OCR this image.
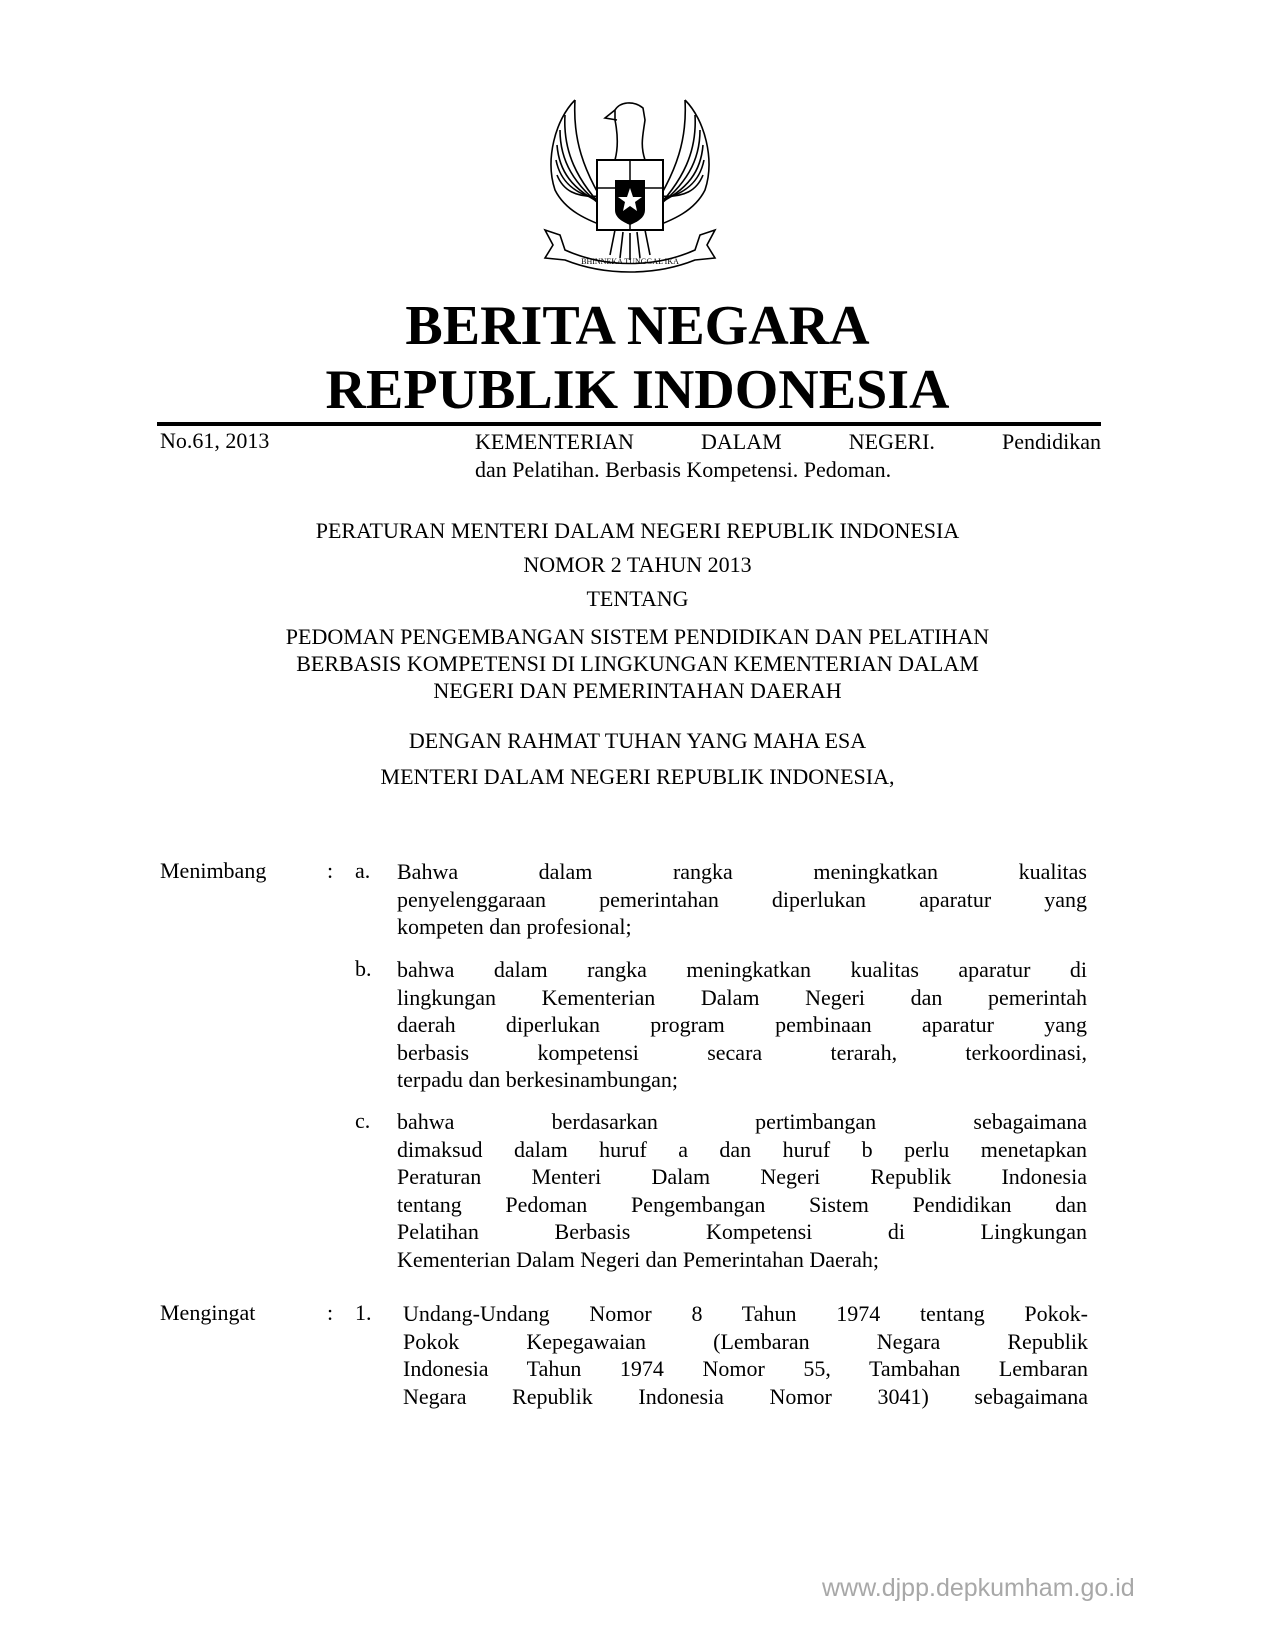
BHINNEKA TUNGGAL IKA
BERITA NEGARA
REPUBLIK INDONESIA
No.61, 2013	KEMENTERIAN DALAM NEGERI. Pendidikan
dan Pelatihan. Berbasis Kompetensi. Pedoman.
PERATURAN MENTERI DALAM NEGERI REPUBLIK INDONESIA
NOMOR 2 TAHUN 2013
TENTANG
PEDOMAN PENGEMBANGAN SISTEM PENDIDIKAN DAN PELATIHAN
BERBASIS KOMPETENSI DI LINGKUNGAN KEMENTERIAN DALAM
NEGERI DAN PEMERINTAHAN DAERAH
DENGAN RAHMAT TUHAN YANG MAHA ESA
MENTERI DALAM NEGERI REPUBLIK INDONESIA,
Menimbang	: a. Bahwa dalam rangka meningkatkan kualitas
penyelenggaraan pemerintahan diperlukan aparatur yang
kompeten dan profesional;
b. bahwa dalam rangka meningkatkan kualitas aparatur di
lingkungan Kementerian Dalam Negeri dan pemerintah
daerah diperlukan program pembinaan aparatur yang
berbasis kompetensi secara terarah, terkoordinasi,
terpadu dan berkesinambungan;
c. bahwa berdasarkan pertimbangan sebagaimana
dimaksud dalam huruf a dan huruf b perlu menetapkan
Peraturan Menteri Dalam Negeri Republik Indonesia
tentang Pedoman Pengembangan Sistem Pendidikan dan
Pelatihan Berbasis Kompetensi di Lingkungan
Kementerian Dalam Negeri dan Pemerintahan Daerah;
Mengingat	: 1. Undang-Undang Nomor 8 Tahun 1974 tentang Pokok-
Pokok Kepegawaian (Lembaran Negara Republik
Indonesia Tahun 1974 Nomor 55, Tambahan Lembaran
Negara Republik Indonesia Nomor 3041) sebagaimana
www.djpp.depkumham.go.id
